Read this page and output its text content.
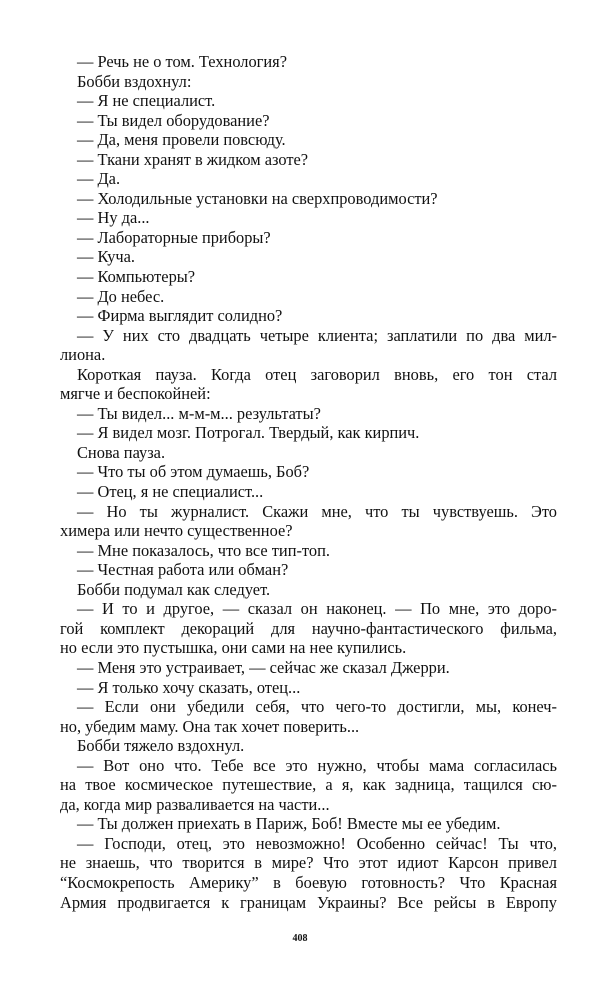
— Речь не о том. Технология?
Бобби вздохнул:
— Я не специалист.
— Ты видел оборудование?
— Да, меня провели повсюду.
— Ткани хранят в жидком азоте?
— Да.
— Холодильные установки на сверхпроводимости?
— Ну да...
— Лабораторные приборы?
— Куча.
— Компьютеры?
— До небес.
— Фирма выглядит солидно?
— У них сто двадцать четыре клиента; заплатили по два мил-
лиона.
Короткая пауза. Когда отец заговорил вновь, его тон стал
мягче и беспокойней:
— Ты видел... м-м-м... результаты?
— Я видел мозг. Потрогал. Твердый, как кирпич.
Снова пауза.
— Что ты об этом думаешь, Боб?
— Отец, я не специалист...
— Но ты журналист. Скажи мне, что ты чувствуешь. Это
химера или нечто существенное?
— Мне показалось, что все тип-топ.
— Честная работа или обман?
Бобби подумал как следует.
— И то и другое, — сказал он наконец. — По мне, это доро-
гой комплект декораций для научно-фантастического фильма,
но если это пустышка, они сами на нее купились.
— Меня это устраивает, — сейчас же сказал Джерри.
— Я только хочу сказать, отец...
— Если они убедили себя, что чего-то достигли, мы, конеч-
но, убедим маму. Она так хочет поверить...
Бобби тяжело вздохнул.
— Вот оно что. Тебе все это нужно, чтобы мама согласилась
на твое космическое путешествие, а я, как задница, тащился сю-
да, когда мир разваливается на части...
— Ты должен приехать в Париж, Боб! Вместе мы ее убедим.
— Господи, отец, это невозможно! Особенно сейчас! Ты что,
не знаешь, что творится в мире? Что этот идиот Карсон привел
“Космокрепость Америку” в боевую готовность? Что Красная
Армия продвигается к границам Украины? Все рейсы в Европу
408
